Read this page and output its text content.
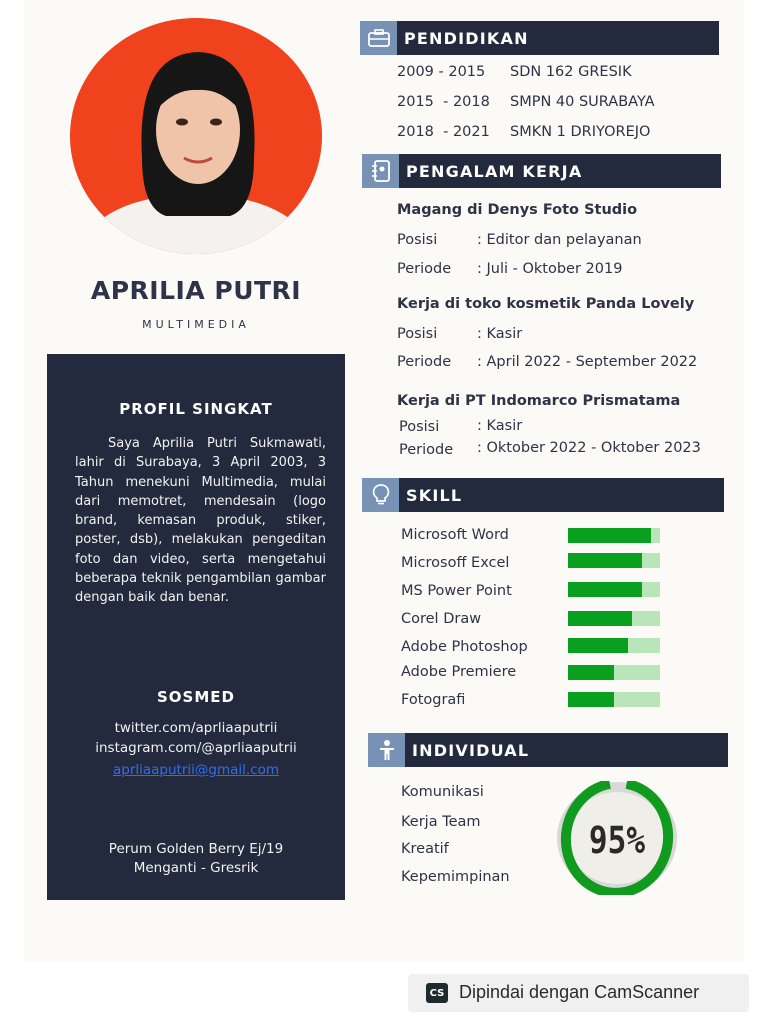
APRILIA PUTRI
MULTIMEDIA
PROFIL SINGKAT
Saya Aprilia Putri Sukmawati, lahir di Surabaya, 3 April 2003, 3 Tahun menekuni Multimedia, mulai dari memotret, mendesain (logo brand, kemasan produk, stiker, poster, dsb), melakukan pengeditan foto dan video, serta mengetahui beberapa teknik pengambilan gambar dengan baik dan benar.
SOSMED
twitter.com/aprliaaputrii
instagram.com/@aprliaaputrii
aprliaaputrii@gmail.com
Perum Golden Berry Ej/19
Menganti - Gresrik
PENDIDIKAN
2009 - 2015 SDN 162 GRESIK
2015  - 2018 SMPN 40 SURABAYA
2018  - 2021 SMKN 1 DRIYOREJO
PENGALAM KERJA
Magang di Denys Foto Studio
Posisi	: Editor dan pelayanan
Periode : Juli - Oktober 2019
Kerja di toko kosmetik Panda Lovely
Posisi	: Kasir
Periode : April 2022 - September 2022
Kerja di PT Indomarco Prismatama
Posisi	: Kasir
Periode : Oktober 2022 - Oktober 2023
SKILL
Microsoft Word
Microsoff Excel
MS Power Point
Corel Draw
Adobe Photoshop
Adobe Premiere
Fotografi
INDIVIDUAL
Komunikasi
Kerja Team
Kreatif
Kepemimpinan
95%
CS Dipindai dengan CamScanner
